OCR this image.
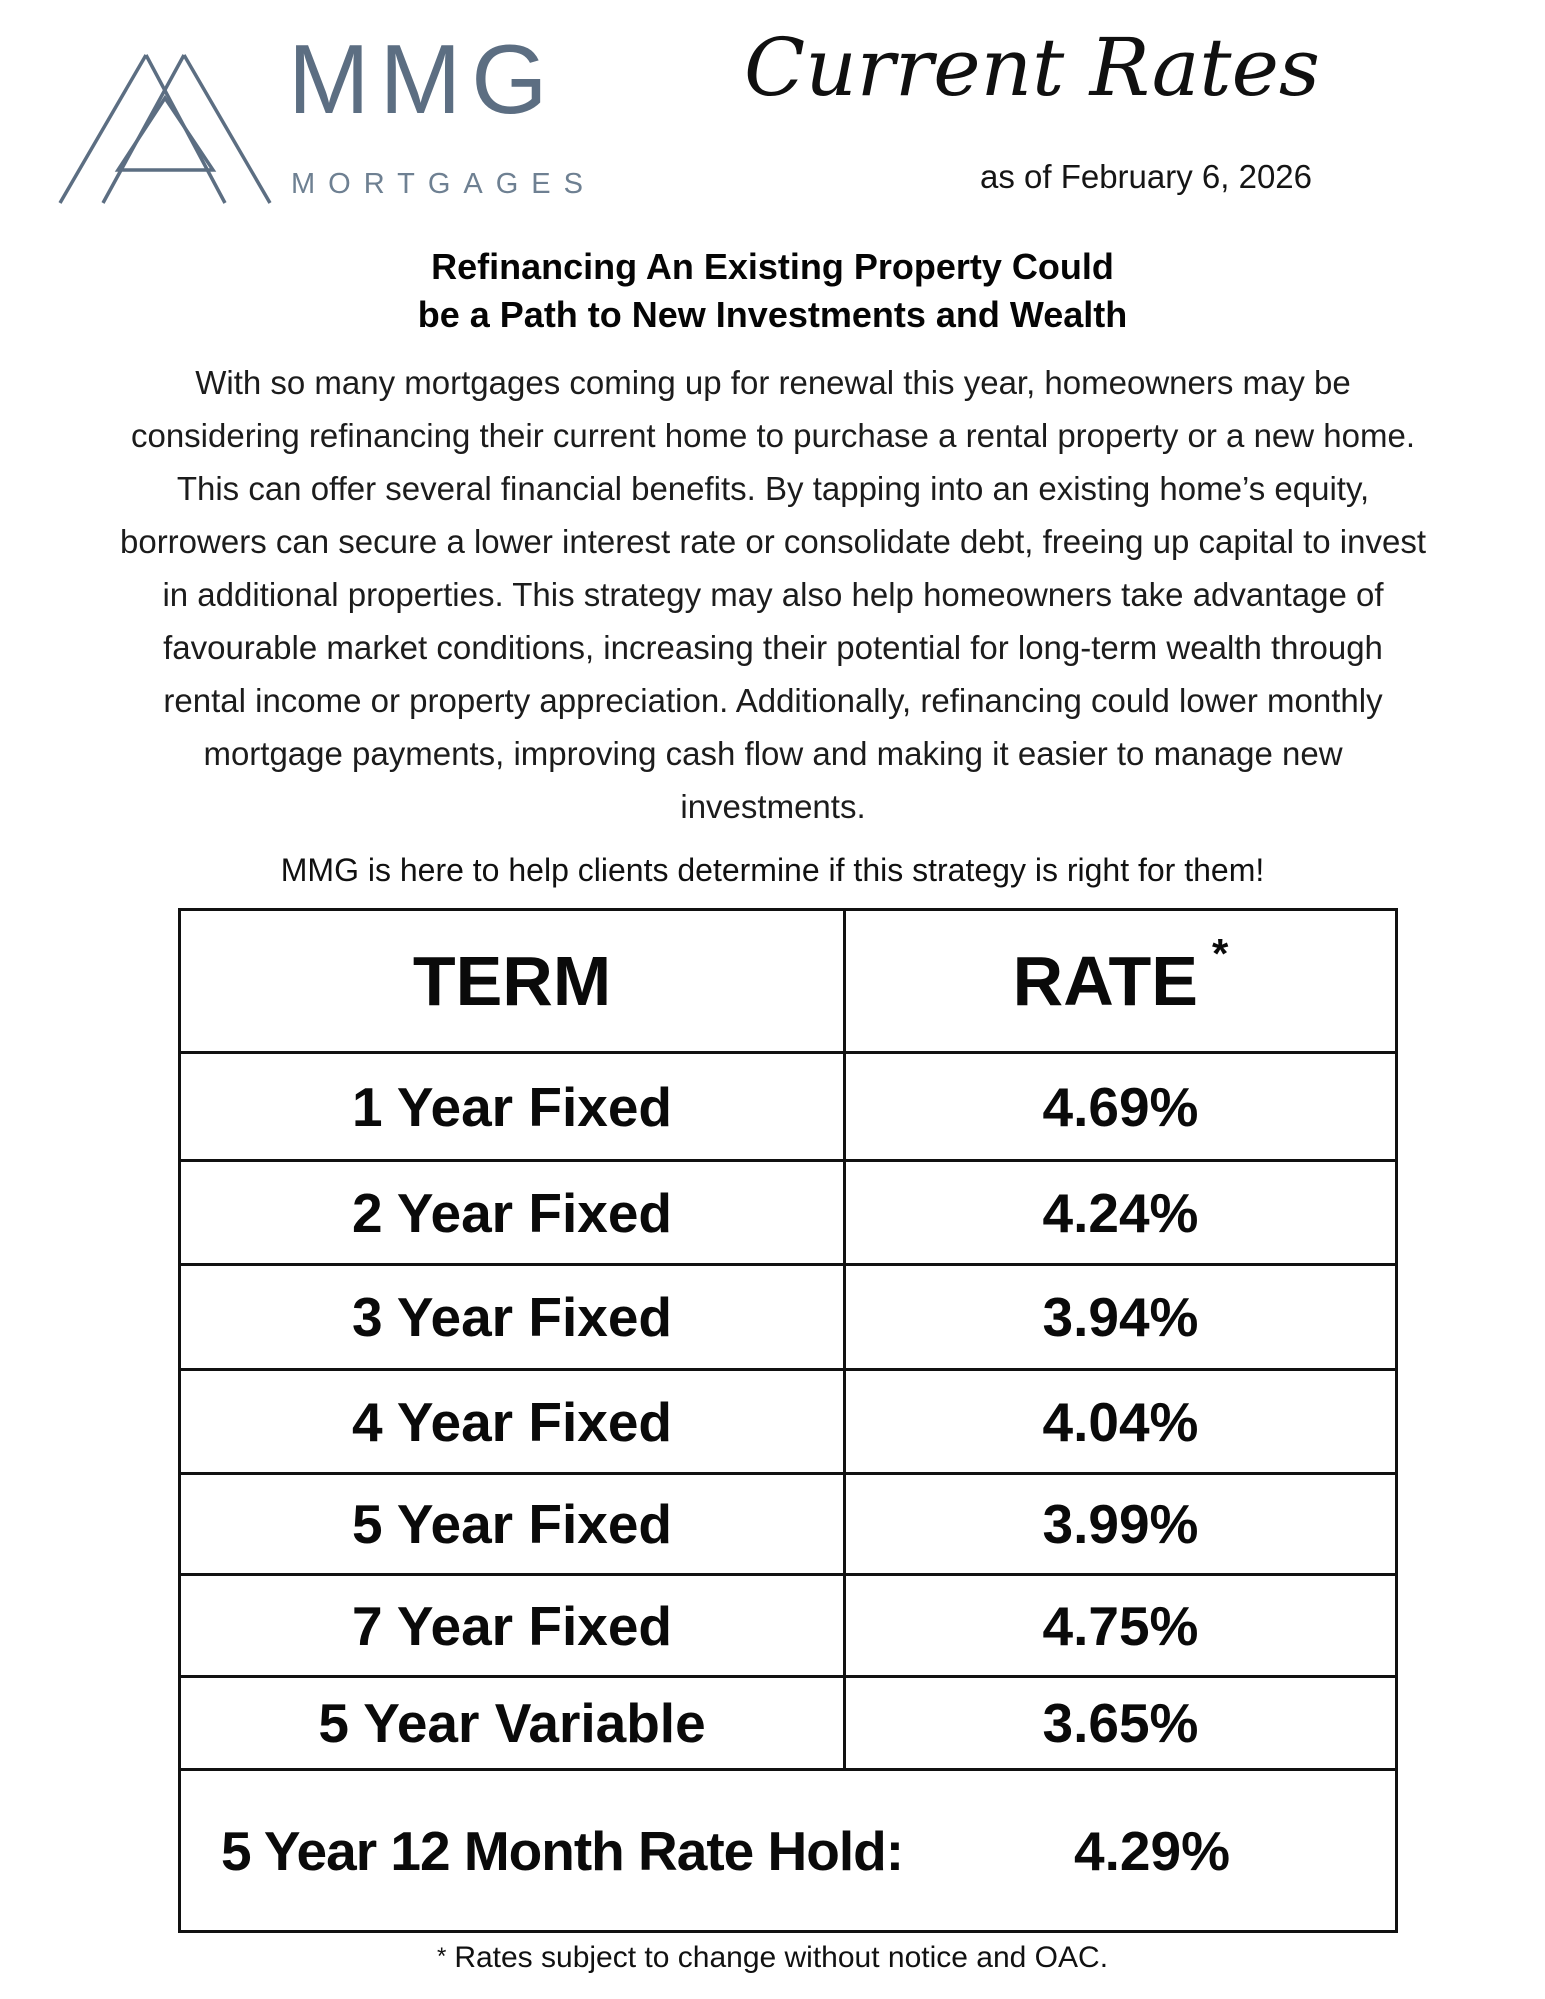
MMG
MORTGAGES
Current Rates
as of February 6, 2026
Refinancing An Existing Property Could
be a Path to New Investments and Wealth
With so many mortgages coming up for renewal this year, homeowners may be considering refinancing their current home to purchase a rental property or a new home. This can offer several financial benefits. By tapping into an existing home’s equity, borrowers can secure a lower interest rate or consolidate debt, freeing up capital to invest in additional properties. This strategy may also help homeowners take advantage of favourable market conditions, increasing their potential for long-term wealth through rental income or property appreciation. Additionally, refinancing could lower monthly mortgage payments, improving cash flow and making it easier to manage new investments.
MMG is here to help clients determine if this strategy is right for them!
TERM	RATE *
1 Year Fixed	4.69%
2 Year Fixed	4.24%
3 Year Fixed	3.94%
4 Year Fixed	4.04%
5 Year Fixed	3.99%
7 Year Fixed	4.75%
5 Year Variable	3.65%
5 Year 12 Month Rate Hold:	4.29%
* Rates subject to change without notice and OAC.
